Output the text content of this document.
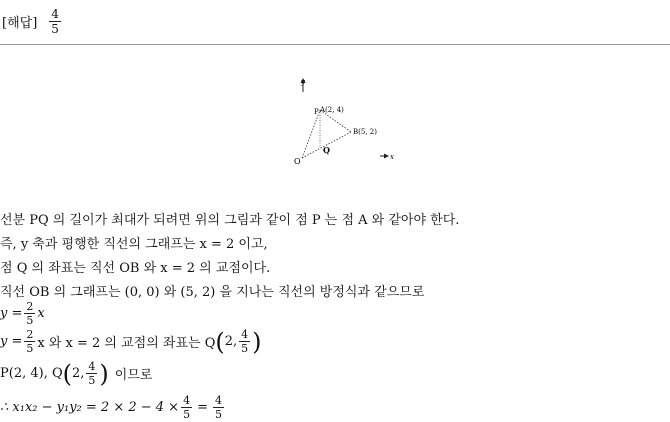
[해답] $\frac{4}{5}$
y
x
O
P A(2, 4)
B(5, 2)
Q
선분 PQ 의 길이가 최대가 되려면 위의 그림과 같이 점 P 는 점 A 와 같아야 한다.
즉, y 축과 평행한 직선의 그래프는 x = 2 이고,
점 Q 의 좌표는 직선 OB 와 x = 2 의 교점이다.
직선 OB 의 그래프는 (0, 0) 와 (5, 2) 을 지나는 직선의 방정식과 같으므로
$y = \frac{2}{5}$ x
$y = \frac{2}{5}$ x 와 x = 2 의 교점의 좌표는 Q ( 2, $\frac{4}{5}$ )
P(2, 4), Q ( 2, $\frac{4}{5}$ ) 이므로
∴ $x_1x_2 - y_1y_2 = 2 \times 2 - 4 \times \frac{4}{5} = \frac{4}{5}$
